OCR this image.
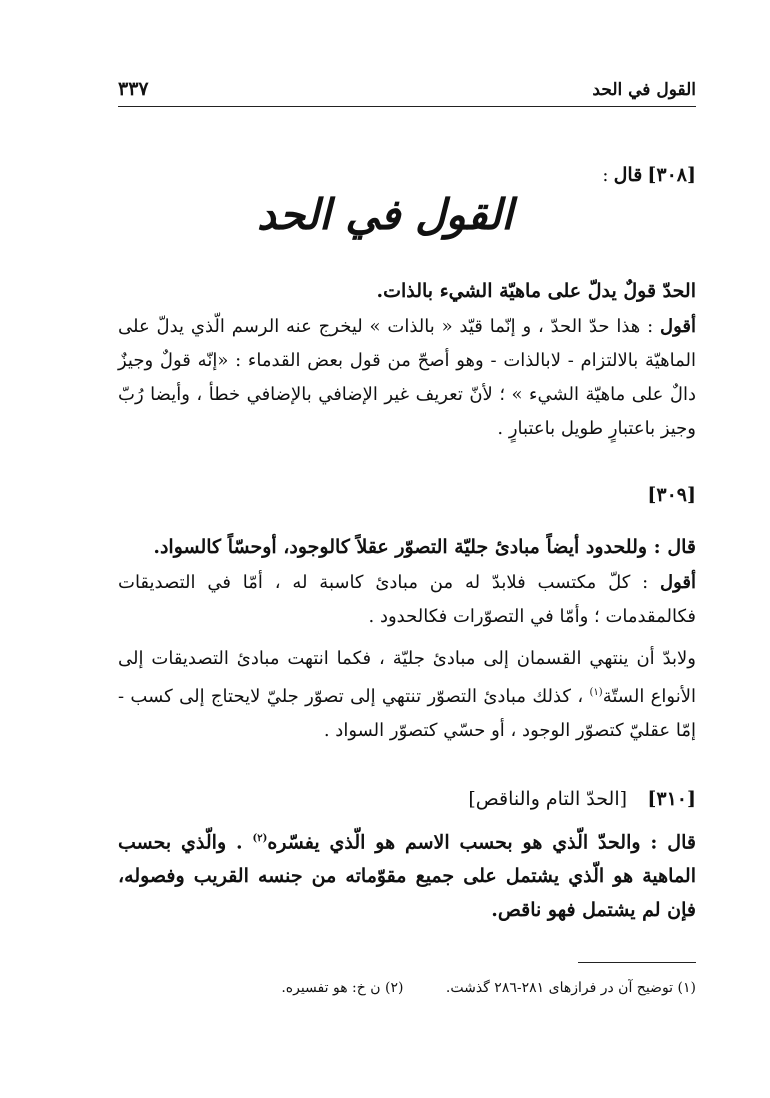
القول في الحد
٣٣٧
[٣٠٨] قال :
القول في الحد
الحدّ قولٌ يدلّ على ماهيّة الشيء بالذات.
أقول : هذا حدّ الحدّ ، و إنّما قيّد « بالذات » ليخرج عنه الرسم الّذي يدلّ على الماهيّة بالالتزام - لابالذات - وهو أصحّ من قول بعض القدماء : «إنّه قولٌ وجيزٌ دالٌ على ماهيّة الشيء » ؛ لأنّ تعريف غير الإضافي بالإضافي خطأ ، وأيضا رُبّ وجيز باعتبارٍ طويل باعتبارٍ .
[٣٠٩]
قال : وللحدود أيضاً مبادئ جليّة التصوّر عقلاً كالوجود، أوحسّاً كالسواد.
أقول : كلّ مكتسب فلابدّ له من مبادئ كاسبة له ، أمّا في التصديقات فكالمقدمات ؛ وأمّا في التصوّرات فكالحدود .
ولابدّ أن ينتهي القسمان إلى مبادئ جليّة ، فكما انتهت مبادئ التصديقات إلى الأنواع الستّة$^{(١)}$ ، كذلك مبادئ التصوّر تنتهي إلى تصوّر جليّ لايحتاج إلى كسب - إمّا عقليّ كتصوّر الوجود ، أو حسّي كتصوّر السواد .
[٣١٠]    [الحدّ التام والناقص]
قال : والحدّ الّذي هو بحسب الاسم هو الّذي يفسّره$^{(٢)}$ . والّذي بحسب الماهية هو الّذي يشتمل على جميع مقوّماته من جنسه القريب وفصوله، فإن لم يشتمل فهو ناقص.
(١) توضيح آن در فرازهاى ٢٨١-٢٨٦ گذشت. (٢) ن خ: هو تفسيره.
